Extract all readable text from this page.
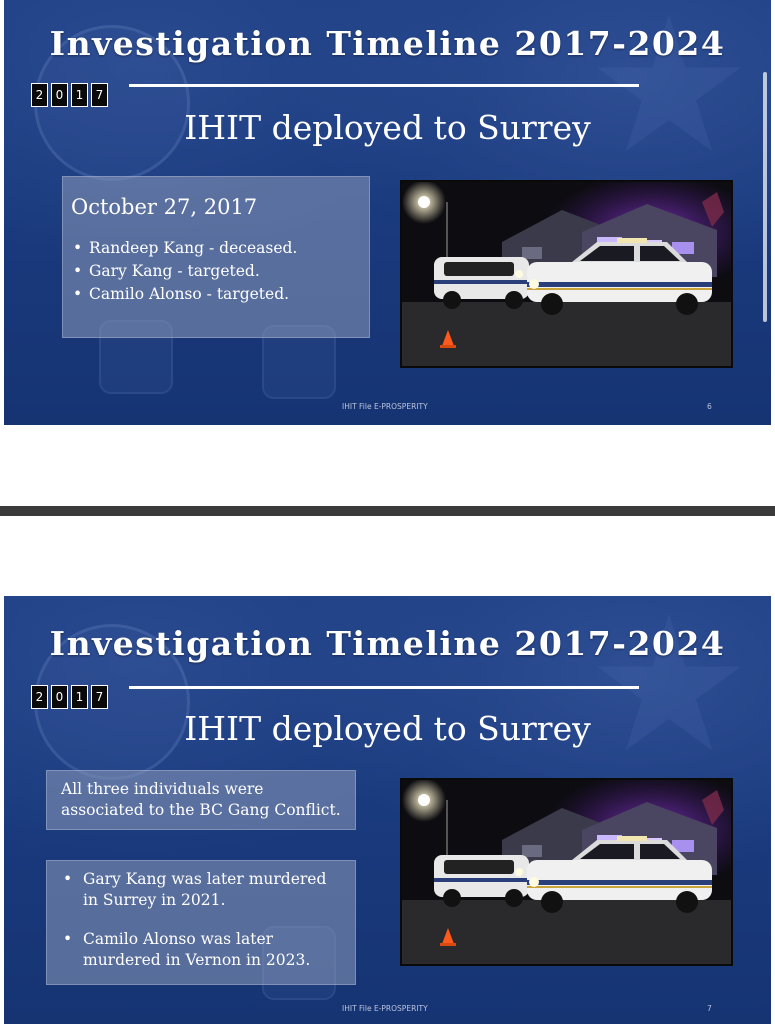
Investigation Timeline 2017-2024
2	0	1	7
IHIT deployed to Surrey
October 27, 2017
• Randeep Kang - deceased.
• Gary Kang - targeted.
• Camilo Alonso - targeted.
IHIT File E-PROSPERITY	6
Investigation Timeline 2017-2024
2	0	1	7
IHIT deployed to Surrey
All three individuals were associated to the BC Gang Conflict.
• Gary Kang was later murdered in Surrey in 2021.
• Camilo Alonso was later murdered in Vernon in 2023.
IHIT File E-PROSPERITY	7
